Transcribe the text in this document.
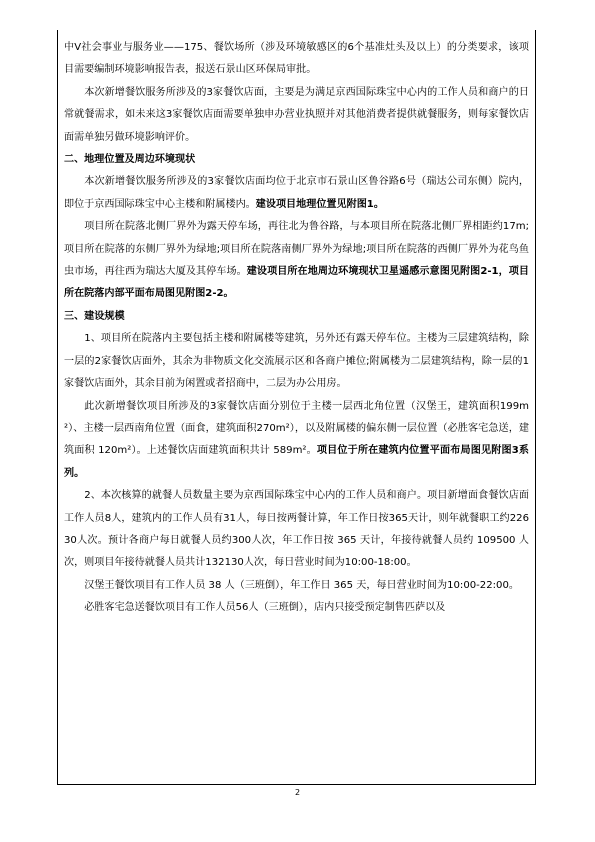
中Ⅴ社会事业与服务业——175、餐饮场所（涉及环境敏感区的6个基准灶头及以上）的分类要求，该项目需要编制环境影响报告表，报送石景山区环保局审批。

本次新增餐饮服务所涉及的3家餐饮店面，主要是为满足京西国际珠宝中心内的工作人员和商户的日常就餐需求，如未来这3家餐饮店面需要单独申办营业执照并对其他消费者提供就餐服务，则每家餐饮店面需单独另做环境影响评价。

二、地理位置及周边环境现状

本次新增餐饮服务所涉及的3家餐饮店面均位于北京市石景山区鲁谷路6号（瑞达公司东侧）院内，即位于京西国际珠宝中心主楼和附属楼内。建设项目地理位置见附图1。

项目所在院落北侧厂界外为露天停车场，再往北为鲁谷路，与本项目所在院落北侧厂界相距约17m;项目所在院落的东侧厂界外为绿地;项目所在院落南侧厂界外为绿地;项目所在院落的西侧厂界外为花鸟鱼虫市场，再往西为瑞达大厦及其停车场。建设项目所在地周边环境现状卫星遥感示意图见附图2-1，项目所在院落内部平面布局图见附图2-2。

三、建设规模

1、项目所在院落内主要包括主楼和附属楼等建筑，另外还有露天停车位。主楼为三层建筑结构，除一层的2家餐饮店面外，其余为非物质文化交流展示区和各商户摊位;附属楼为二层建筑结构，除一层的1家餐饮店面外，其余目前为闲置或者招商中，二层为办公用房。

此次新增餐饮项目所涉及的3家餐饮店面分别位于主楼一层西北角位置（汉堡王，建筑面积199m²）、主楼一层西南角位置（面食，建筑面积270m²），以及附属楼的偏东侧一层位置（必胜客宅急送，建筑面积 120m²）。上述餐饮店面建筑面积共计 589m²。项目位于所在建筑内位置平面布局图见附图3系列。

2、本次核算的就餐人员数量主要为京西国际珠宝中心内的工作人员和商户。项目新增面食餐饮店面工作人员8人，建筑内的工作人员有31人，每日按两餐计算，年工作日按365天计，则年就餐职工约22630人次。预计各商户每日就餐人员约300人次，年工作日按 365 天计，年接待就餐人员约 109500 人次，则项目年接待就餐人员共计132130人次，每日营业时间为10:00-18:00。

汉堡王餐饮项目有工作人员 38 人（三班倒），年工作日 365 天，每日营业时间为10:00-22:00。

必胜客宅急送餐饮项目有工作人员56人（三班倒），店内只接受预定制售匹萨以及

2
